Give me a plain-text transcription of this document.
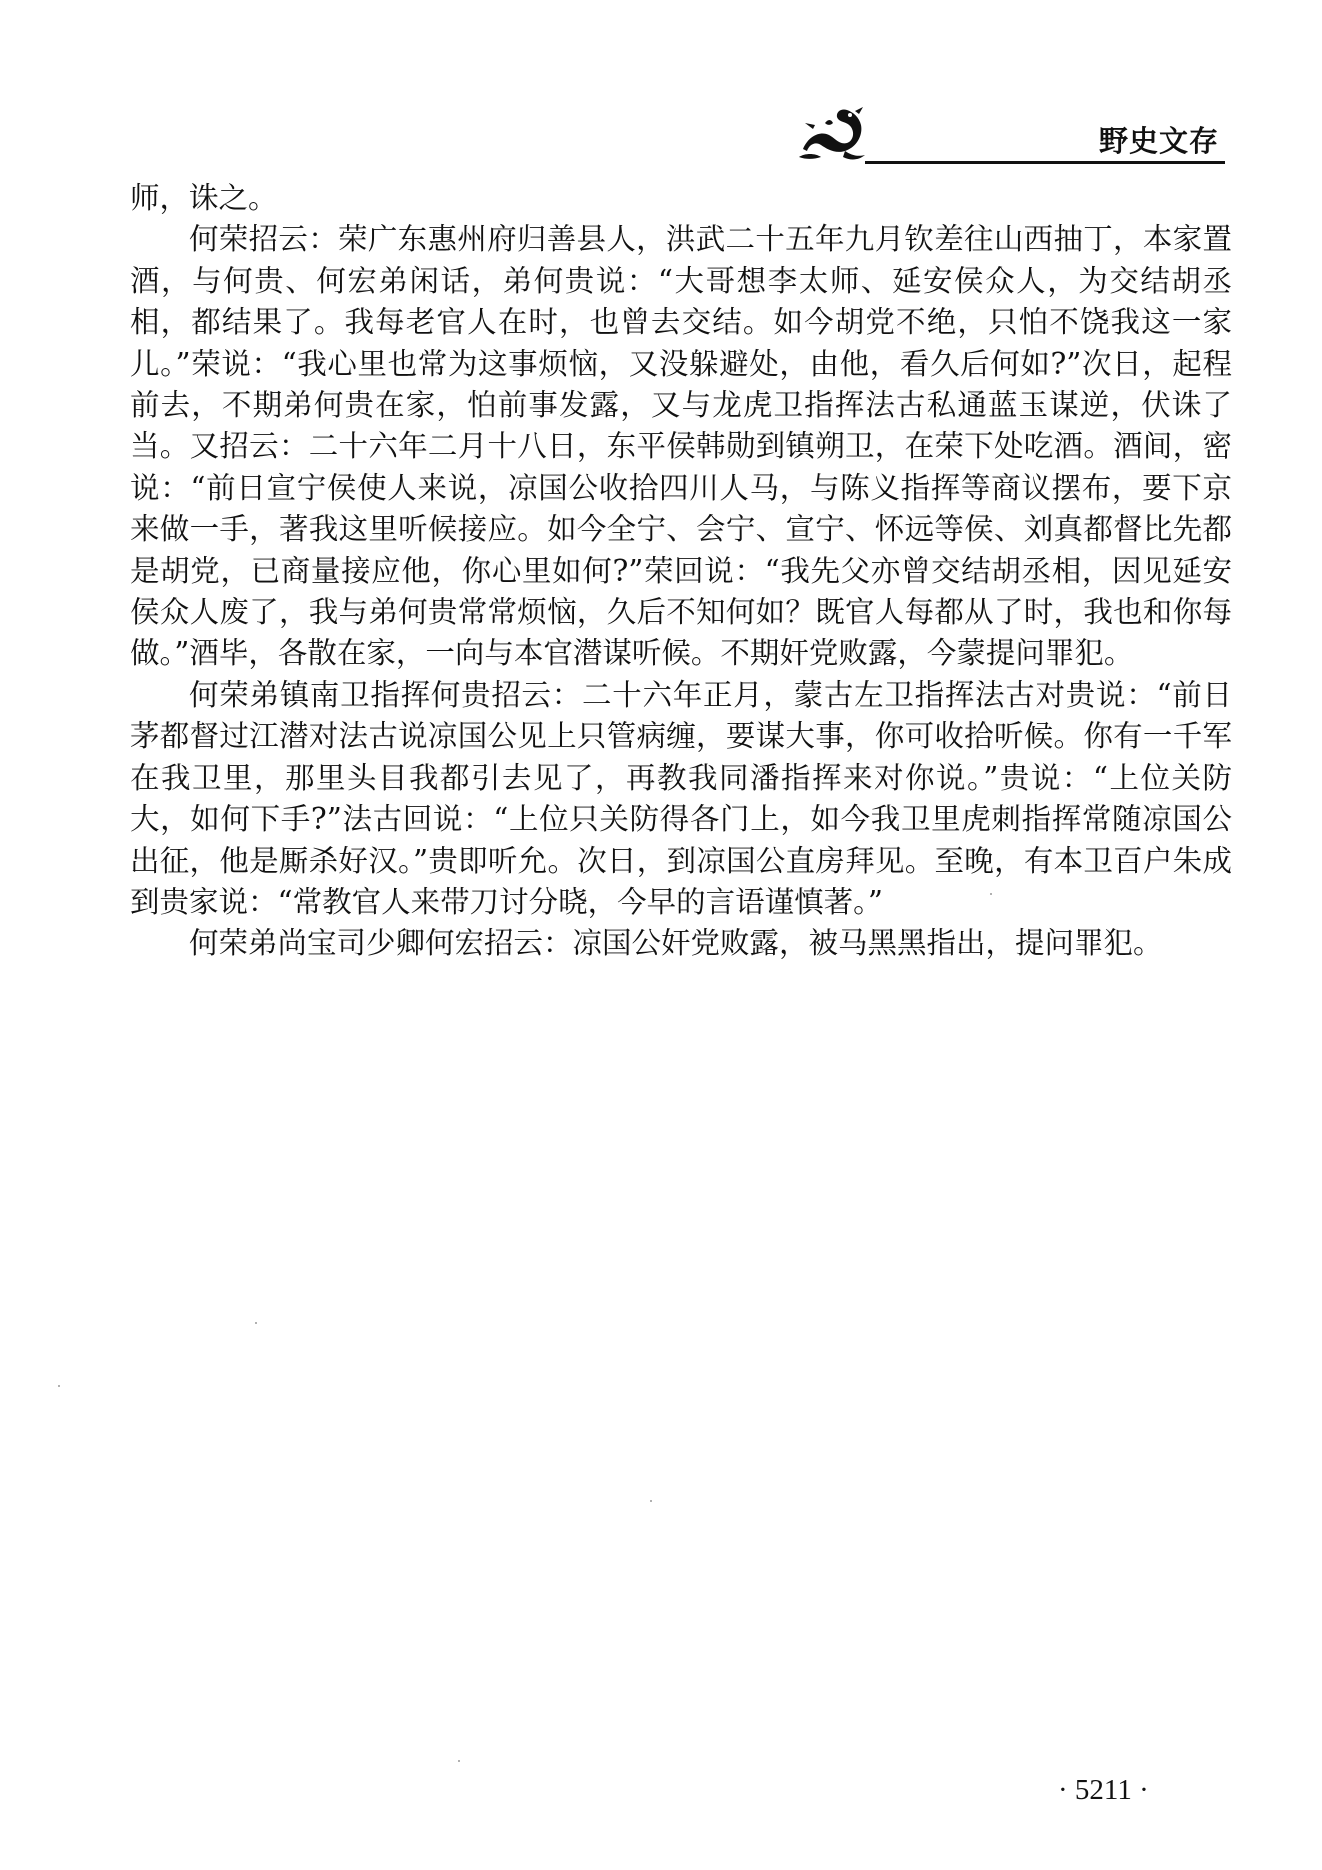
野史文存

师，诛之。

何荣招云：荣广东惠州府归善县人，洪武二十五年九月钦差往山西抽丁，本家置酒，与何贵、何宏弟闲话，弟何贵说：“大哥想李太师、延安侯众人，为交结胡丞相，都结果了。我每老官人在时，也曾去交结。如今胡党不绝，只怕不饶我这一家儿。”荣说：“我心里也常为这事烦恼，又没躲避处，由他，看久后何如?”次日，起程前去，不期弟何贵在家，怕前事发露，又与龙虎卫指挥法古私通蓝玉谋逆，伏诛了当。又招云：二十六年二月十八日，东平侯韩勋到镇朔卫，在荣下处吃酒。酒间，密说：“前日宣宁侯使人来说，凉国公收拾四川人马，与陈义指挥等商议摆布，要下京来做一手，著我这里听候接应。如今全宁、会宁、宣宁、怀远等侯、刘真都督比先都是胡党，已商量接应他，你心里如何?”荣回说：“我先父亦曾交结胡丞相，因见延安侯众人废了，我与弟何贵常常烦恼，久后不知何如？既官人每都从了时，我也和你每做。”酒毕，各散在家，一向与本官潜谋听候。不期奸党败露，今蒙提问罪犯。

何荣弟镇南卫指挥何贵招云：二十六年正月，蒙古左卫指挥法古对贵说：“前日茅都督过江潜对法古说凉国公见上只管病缠，要谋大事，你可收拾听候。你有一千军在我卫里，那里头目我都引去见了，再教我同潘指挥来对你说。”贵说：“上位关防大，如何下手?”法古回说：“上位只关防得各门上，如今我卫里虎刺指挥常随凉国公出征，他是厮杀好汉。”贵即听允。次日，到凉国公直房拜见。至晚，有本卫百户朱成到贵家说：“常教官人来带刀讨分晓，今早的言语谨慎著。”

何荣弟尚宝司少卿何宏招云：凉国公奸党败露，被马黑黑指出，提问罪犯。

· 5211 ·
